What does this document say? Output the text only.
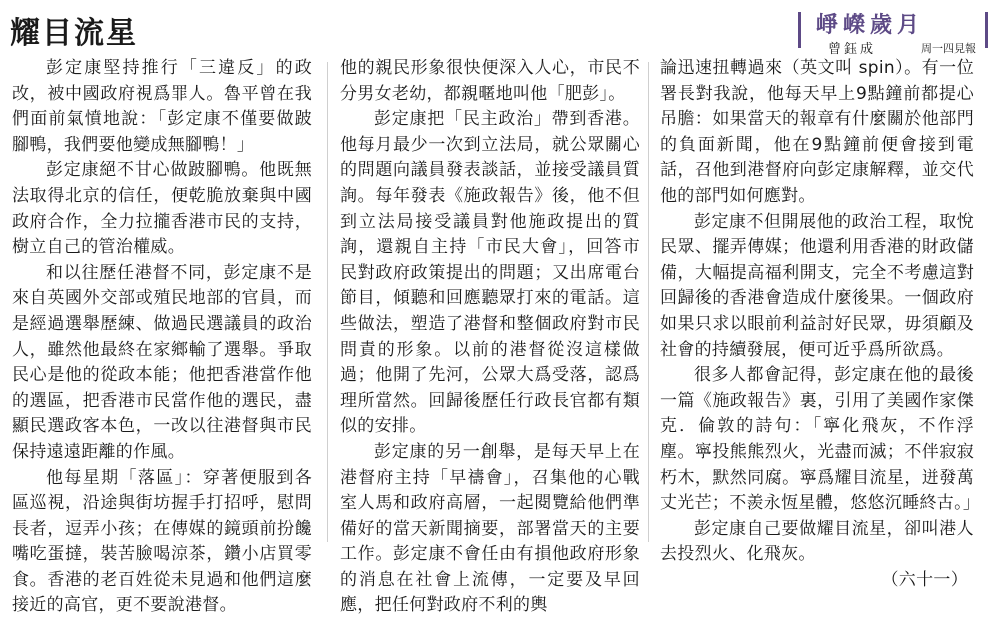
耀目流星	崢嶸歲月
曾鈺成	周一四見報

彭定康堅持推行「三違反」的政改，被中國政府視爲罪人。魯平曾在我們面前氣憤地說：「彭定康不僅要做跛腳鴨，我們要他變成無腳鴨！」

彭定康絕不甘心做跛腳鴨。他既無法取得北京的信任，便乾脆放棄與中國政府合作，全力拉攏香港市民的支持，樹立自己的管治權威。

和以往歷任港督不同，彭定康不是來自英國外交部或殖民地部的官員，而是經過選舉歷練、做過民選議員的政治人，雖然他最終在家鄉輸了選舉。爭取民心是他的從政本能；他把香港當作他的選區，把香港市民當作他的選民，盡顯民選政客本色，一改以往港督與市民保持遠遠距離的作風。

他每星期「落區」：穿著便服到各區巡視，沿途與街坊握手打招呼，慰問長者，逗弄小孩；在傳媒的鏡頭前扮饞嘴吃蛋撻，裝苦臉喝涼茶，鑽小店買零食。香港的老百姓從未見過和他們這麼接近的高官，更不要說港督。

他的親民形象很快便深入人心，市民不分男女老幼，都親暱地叫他「肥彭」。

彭定康把「民主政治」帶到香港。他每月最少一次到立法局，就公眾關心的問題向議員發表談話，並接受議員質詢。每年發表《施政報告》後，他不但到立法局接受議員對他施政提出的質詢，還親自主持「市民大會」，回答市民對政府政策提出的問題；又出席電台節目，傾聽和回應聽眾打來的電話。這些做法，塑造了港督和整個政府對市民問責的形象。以前的港督從沒這樣做過；他開了先河，公眾大爲受落，認爲理所當然。回歸後歷任行政長官都有類似的安排。

彭定康的另一創舉，是每天早上在港督府主持「早禱會」，召集他的心戰室人馬和政府高層，一起閱覽給他們準備好的當天新聞摘要，部署當天的主要工作。彭定康不會任由有損他政府形象的消息在社會上流傳，一定要及早回應，把任何對政府不利的輿

論迅速扭轉過來（英文叫 spin）。有一位署長對我說，他每天早上9點鐘前都提心吊膽：如果當天的報章有什麼關於他部門的負面新聞，他在9點鐘前便會接到電話，召他到港督府向彭定康解釋，並交代他的部門如何應對。

彭定康不但開展他的政治工程，取悅民眾、擺弄傳媒；他還利用香港的財政儲備，大幅提高福利開支，完全不考慮這對回歸後的香港會造成什麼後果。一個政府如果只求以眼前利益討好民眾，毋須顧及社會的持續發展，便可近乎爲所欲爲。

很多人都會記得，彭定康在他的最後一篇《施政報告》裏，引用了美國作家傑克．倫敦的詩句：「寧化飛灰，不作浮塵。寧投熊熊烈火，光盡而滅；不伴寂寂朽木，默然同腐。寧爲耀目流星，迸發萬丈光芒；不羨永恆星體，悠悠沉睡終古。」

彭定康自己要做耀目流星，卻叫港人去投烈火、化飛灰。

（六十一）
